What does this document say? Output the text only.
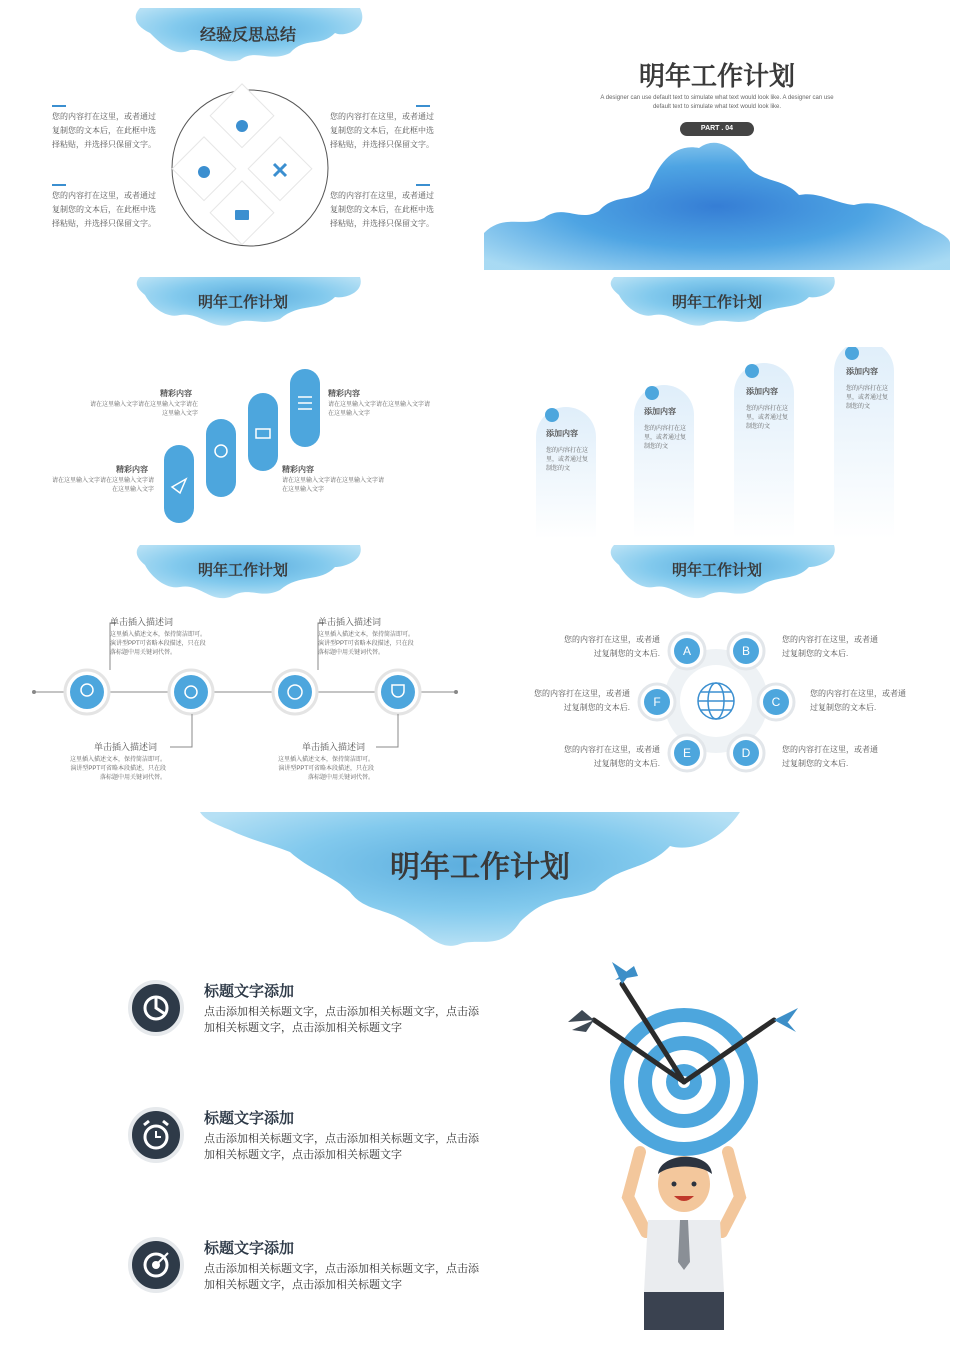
经验反思总结
您的内容打在这里，或者通过复制您的文本后，在此框中选择粘贴，并选择只保留文字。
您的内容打在这里，或者通过复制您的文本后，在此框中选择粘贴，并选择只保留文字。
您的内容打在这里，或者通过复制您的文本后，在此框中选择粘贴，并选择只保留文字。
您的内容打在这里，或者通过复制您的文本后，在此框中选择粘贴，并选择只保留文字。
明年工作计划
A designer can use default text to simulate what text would look like. A designer can use default text to simulate what text would look like.
PART . 04
明年工作计划
精彩内容
请在这里输入文字请在这里输入文字请在这里输入文字
精彩内容
请在这里输入文字请在这里输入文字请在这里输入文字
精彩内容
请在这里输入文字请在这里输入文字请在这里输入文字
精彩内容
请在这里输入文字请在这里输入文字请在这里输入文字
明年工作计划
添加内容
您的内容打在这里，或者通过复制您的文
添加内容
您的内容打在这里，或者通过复制您的文
添加内容
您的内容打在这里，或者通过复制您的文
添加内容
您的内容打在这里，或者通过复制您的文
明年工作计划
单击插入描述词
这里插入描述文本，保持简洁即可。演讲型PPT可省略本段描述，只在段落标题中用关键词代替。
单击插入描述词
这里插入描述文本，保持简洁即可。演讲型PPT可省略本段描述，只在段落标题中用关键词代替。
单击插入描述词
这里插入描述文本，保持简洁即可。演讲型PPT可省略本段描述，只在段落标题中用关键词代替。
单击插入描述词
这里插入描述文本，保持简洁即可。演讲型PPT可省略本段描述，只在段落标题中用关键词代替。
明年工作计划
A	B
C
D
E
F
您的内容打在这里，或者通过复制您的文本后.
您的内容打在这里，或者通过复制您的文本后.
您的内容打在这里，或者通过复制您的文本后.
您的内容打在这里，或者通过复制您的文本后.
您的内容打在这里，或者通过复制您的文本后.
您的内容打在这里，或者通过复制您的文本后.
明年工作计划
标题文字添加
点击添加相关标题文字，点击添加相关标题文字，点击添加相关标题文字，点击添加相关标题文字
标题文字添加
点击添加相关标题文字，点击添加相关标题文字，点击添加相关标题文字，点击添加相关标题文字
标题文字添加
点击添加相关标题文字，点击添加相关标题文字，点击添加相关标题文字，点击添加相关标题文字
